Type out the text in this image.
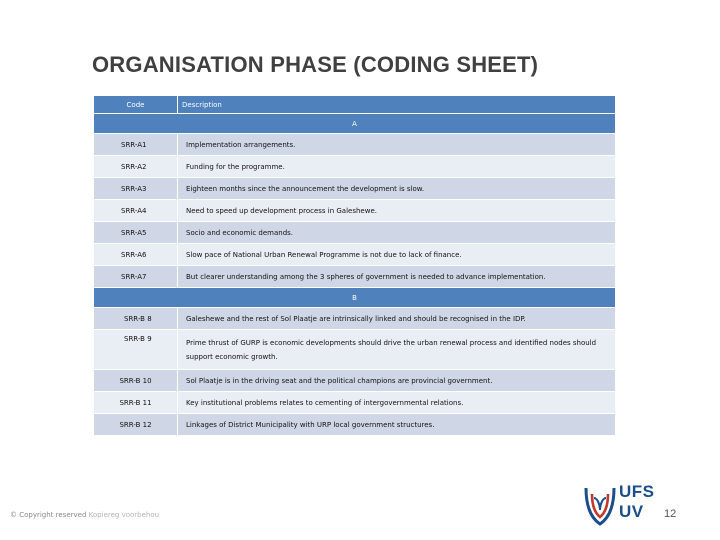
ORGANISATION PHASE (CODING SHEET)
Code	Description
A	
SRR-A1	Implementation arrangements.
SRR-A2	Funding for the programme.
SRR-A3	Eighteen months since the announcement the development is slow.
SRR-A4	Need to speed up development process in Galeshewe.
SRR-A5	Socio and economic demands.
SRR-A6	Slow pace of National Urban Renewal Programme is not due to lack of finance.
SRR-A7	But clearer understanding among the 3 spheres of government is needed to advance implementation.
B	
SRR-B 8	Galeshewe and the rest of Sol Plaatje are intrinsically linked and should be recognised in the IDP.
SRR-B 9	Prime thrust of GURP is economic developments should drive the urban renewal process and identified nodes should support economic growth.
SRR-B 10	Sol Plaatje is in the driving seat and the political champions are provincial government.
SRR-B 11	Key institutional problems relates to cementing of intergovernmental relations.
SRR-B 12	Linkages of District Municipality with URP local government structures.
© Copyright reserved Kopiereg voorbehou
UFS
UV	12
